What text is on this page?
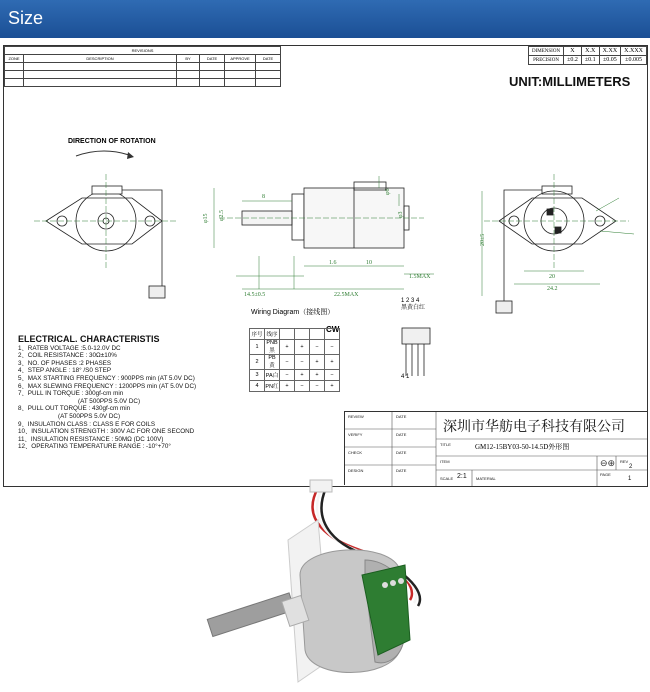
Size
REVISIONS					
ZONE	DESCRIPTION	BY	DATE	APPROVE	DATE

DIMENSION	X	X.X	X.XX	X.XXX
PRECISION	±0.2	±0.1	±0.05	±0.005
UNIT:MILLIMETERS
DIRECTION OF ROTATION
8
14.5±0.5	22.5MAX
1.5MAX
1.6	10
φ15 φ2.5
φ6
φ3
20
24.2
20±5
1 2 3 4
黑黄白红
4 1
ELECTRICAL. CHARACTERISTIS
1、RATEB VOLTAGE :5.0-12.0V DC
2、COIL RESISTANCE : 30Ω±10%
3、NO. OF PHASES :2 PHASES
4、STEP ANGLE : 18° /S0 STEP
5、MAX STARTING FREQUENCY : 900PPS min (AT 5.0V DC)
6、MAX SLEWING FREQUENCY : 1200PPS min (AT 5.0V DC)
7、PULL IN TORQUE : 300gf-cm min
(AT 500PPS 5.0V DC)
8、PULL OUT TORQUE : 430gf-cm min
(AT 500PPS 5.0V DC)
9、INSULATION CLASS : CLASS E FOR COILS
10、INSULATION STRENGTH : 300V AC FOR ONE SECOND
11、INSULATION RESISTANCE : 50MΩ (DC 100V)
12、OPERATING TEMPERATURE RANGE : -10°+70°
Wiring Diagram（接线图）
CW
序号	线序				
1	PNB黑	+	+	−	−
2	PB 黄	−	−	+	+
3	PA白	−	+	+	−
4	PN红	+	−	−	+
REVIEW	DATE
VERIFY	DATE
CHECK	DATE
DESIGN	DATE
深圳市华舫电子科技有限公司
TITLE	GM12-15BY03-50-14.5D外形图
ITEM	REV
2
⊖⊕
SCALE 2:1 MATERIAL
PAGE
1
